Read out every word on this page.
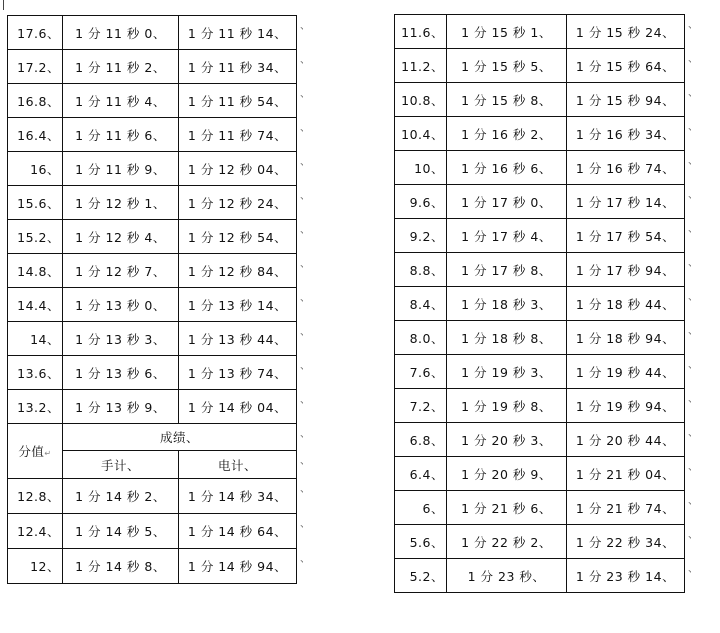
17.6、	1 分 11 秒 0、	1 分 11 秒 14、
17.2、	1 分 11 秒 2、	1 分 11 秒 34、
16.8、	1 分 11 秒 4、	1 分 11 秒 54、
16.4、	1 分 11 秒 6、	1 分 11 秒 74、
16、	1 分 11 秒 9、	1 分 12 秒 04、
15.6、	1 分 12 秒 1、	1 分 12 秒 24、
15.2、	1 分 12 秒 4、	1 分 12 秒 54、
14.8、	1 分 12 秒 7、	1 分 12 秒 84、
14.4、	1 分 13 秒 0、	1 分 13 秒 14、
14、	1 分 13 秒 3、	1 分 13 秒 44、
13.6、	1 分 13 秒 6、	1 分 13 秒 74、
13.2、	1 分 13 秒 9、	1 分 14 秒 04、
分值↵	成绩、	
	手计、	电计、
12.8、	1 分 14 秒 2、	1 分 14 秒 34、
12.4、	1 分 14 秒 5、	1 分 14 秒 64、
12、	1 分 14 秒 8、	1 分 14 秒 94、
11.6、	1 分 15 秒 1、	1 分 15 秒 24、
11.2、	1 分 15 秒 5、	1 分 15 秒 64、
10.8、	1 分 15 秒 8、	1 分 15 秒 94、
10.4、	1 分 16 秒 2、	1 分 16 秒 34、
10、	1 分 16 秒 6、	1 分 16 秒 74、
9.6、	1 分 17 秒 0、	1 分 17 秒 14、
9.2、	1 分 17 秒 4、	1 分 17 秒 54、
8.8、	1 分 17 秒 8、	1 分 17 秒 94、
8.4、	1 分 18 秒 3、	1 分 18 秒 44、
8.0、	1 分 18 秒 8、	1 分 18 秒 94、
7.6、	1 分 19 秒 3、	1 分 19 秒 44、
7.2、	1 分 19 秒 8、	1 分 19 秒 94、
6.8、	1 分 20 秒 3、	1 分 20 秒 44、
6.4、	1 分 20 秒 9、	1 分 21 秒 04、
6、	1 分 21 秒 6、	1 分 21 秒 74、
5.6、	1 分 22 秒 2、	1 分 22 秒 34、
5.2、	1 分 23 秒、	1 分 23 秒 14、
、
、
、
、
、
、
、
、
、
、
、
、
、
、
、
、
、
、
、
、
、
、
、
、
、
、
、
、
、
、
、
、
、
、
